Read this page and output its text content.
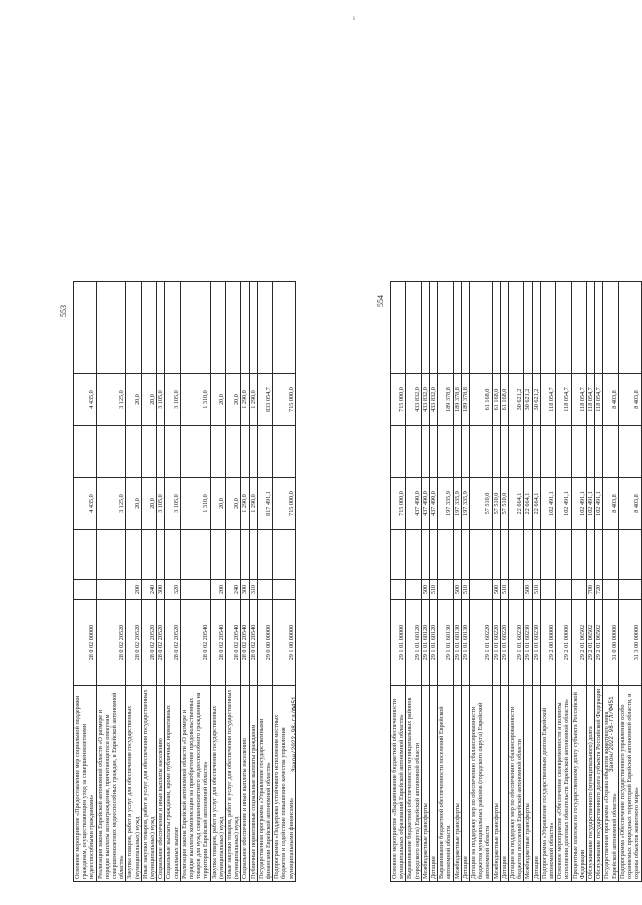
ı
553
Основное мероприятие «Предоставление мер социальной поддержки гражданам, осуществляющим уход за совершеннолетними недееспособными гражданами»	28 0 02 00000			4 435,0		4 435,0	
Реализация закона Еврейской автономной области «О размере и порядке выплаты вознаграждения, причитающегося опекунам совершеннолетних недееспособных граждан, в Еврейской автономной области»	28 0 02 20520			3 125,0		3 125,0	
Закупка товаров, работ и услуг для обеспечения государственных (муниципальных) нужд	28 0 02 20520	200		20,0		20,0	
Иные закупки товаров, работ и услуг для обеспечения государственных (муниципальных) нужд	28 0 02 20520	240		20,0		20,0	
Социальное обеспечение и иные выплаты населению	28 0 02 20520	300		3 105,0		3 105,0	
Социальные выплаты гражданам, кроме публичных нормативных социальных выплат	28 0 02 20520	320		3 105,0		3 105,0	
Реализация закона Еврейской автономной области «О размере и порядке выплаты компенсации на приобретение продовольственных товаров для нужд совершеннолетнего недееспособного гражданина на территории Еврейской автономной области»	28 0 02 20540			1 310,0		1 310,0	
Закупка товаров, работ и услуг для обеспечения государственных (муниципальных) нужд	28 0 02 20540	200		20,0		20,0	
Иные закупки товаров, работ и услуг для обеспечения государственных (муниципальных) нужд	28 0 02 20540	240		20,0		20,0	
Социальное обеспечение и иные выплаты населению	28 0 02 20540	300		1 290,0		1 290,0	
Публичные нормативные социальные выплаты гражданам	28 0 02 20540	310		1 290,0		1 290,0	
Государственная программа «Управление государственными финансами Еврейской автономной области»	29 0 00 00000			817 491,1		833 054,7	
Подпрограмма «Поддержка устойчивого исполнения местных бюджетов и содействие повышению качества управления муниципальными финансами»	29 1 00 00000			715 000,0		715 000,0	
Закон/2022-98-гл/Ф451
554
Основное мероприятие «Выравнивание бюджетной обеспеченности муниципальных образований Еврейской автономной области»	29 1 01 00000			715 000,0		715 000,0	
Выравнивание бюджетной обеспеченности муниципальных районов (городского округа) Еврейской автономной области	29 1 01 60120			437 490,0		433 832,0	
Межбюджетные трансферты	29 1 01 60120	500		437 490,0		433 832,0	
Дотации	29 1 01 60120	510		437 490,0		433 832,0	
Выравнивание бюджетной обеспеченности поселений Еврейской автономной области	29 1 01 60130			197 335,9		189 378,8	
Межбюджетные трансферты	29 1 01 60130	500		197 335,9		189 378,8	
Дотации	29 1 01 60130	510		197 335,9		189 378,8	
Дотации на поддержку мер по обеспечению сбалансированности бюджетов муниципальных районов (городского округа) Еврейской автономной области	29 1 01 60220			57 510,0		61 168,0	
Межбюджетные трансферты	29 1 01 60220	500		57 510,0		61 168,0	
Дотации	29 1 01 60220	510		57 510,0		61 168,0	
Дотации на поддержку мер по обеспечению сбалансированности бюджетов поселений Еврейской автономной области	29 1 01 60230			22 664,1		30 621,2	
Межбюджетные трансферты	29 1 01 60230	500		22 664,1		30 621,2	
Дотации	29 1 01 60230	510		22 664,1		30 621,2	
Подпрограмма «Управление государственным долгом Еврейской автономной области»	29 2 00 00000			102 491,1		118 054,7	
Основное мероприятие «Обеспечение своевременности и полноты исполнения долговых обязательств Еврейской автономной области»	29 2 01 00000			102 491,1		118 054,7	
Процентные платежи по государственному долгу субъекта Российской Федерации	29 2 01 06502			102 491,1		118 054,7	
Обслуживание государственного (муниципального) долга	29 2 01 06502	700		102 491,1		118 054,7	
Обслуживание государственного долга субъекта Российской Федерации	29 2 01 06502	720		102 491,1		118 054,7	
Государственная программа «Охрана объектов животного мира Еврейской автономной области»	31 0 00 00000			8 403,8		8 403,8	
Подпрограмма «Обеспечение государственного управления особо охраняемых природных территорий Еврейской автономной области, и охраны объектов животного мира»	31 3 00 00000			8 403,8		8 403,8	
Закон/2022-98-гл/Ф451
